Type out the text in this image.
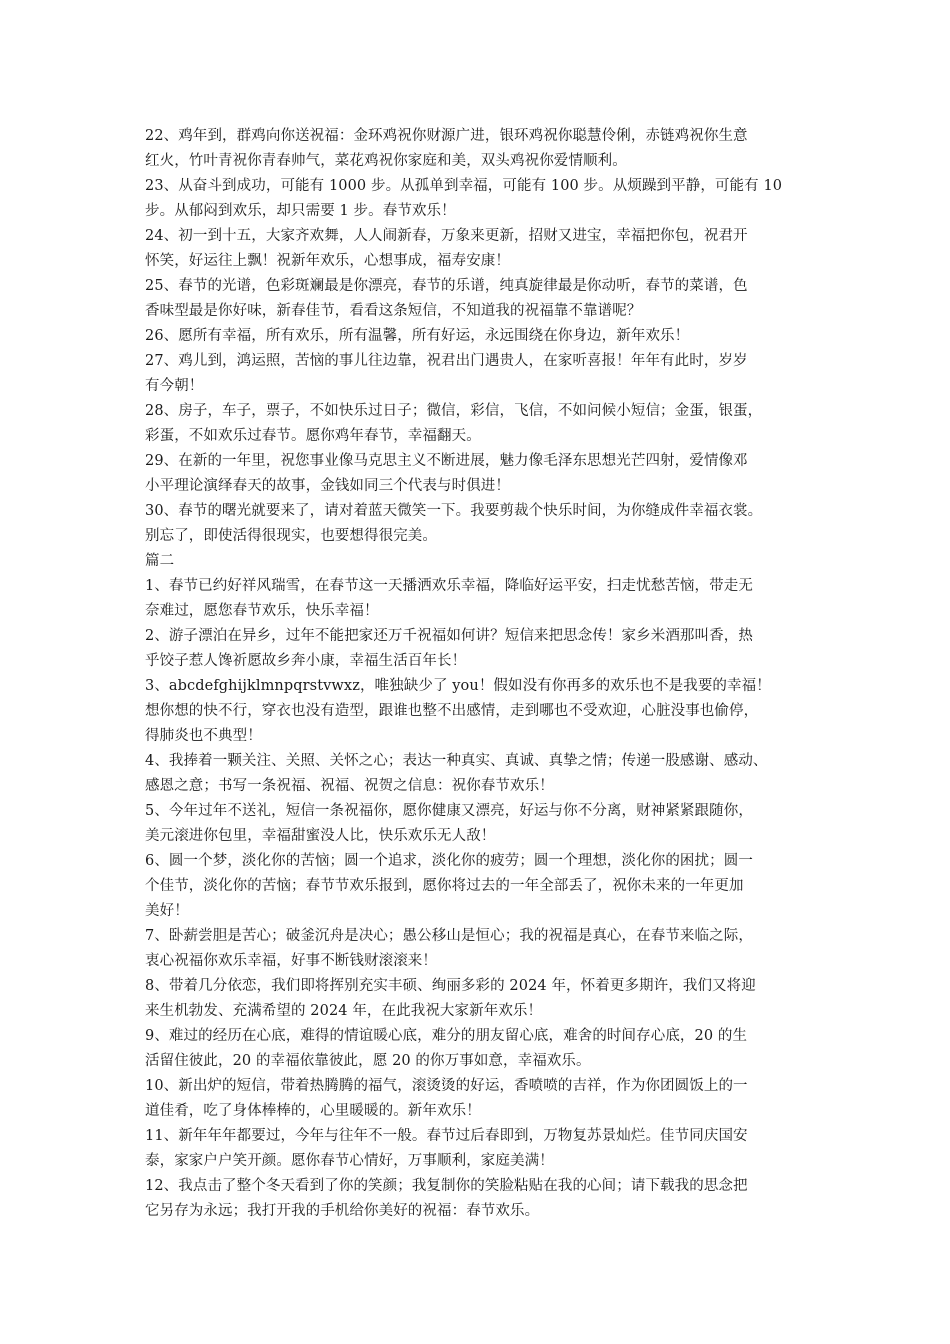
22、鸡年到，群鸡向你送祝福：金环鸡祝你财源广进，银环鸡祝你聪慧伶俐，赤链鸡祝你生意
红火，竹叶青祝你青春帅气，菜花鸡祝你家庭和美，双头鸡祝你爱情顺利。
23、从奋斗到成功，可能有 1000 步。从孤单到幸福，可能有 100 步。从烦躁到平静，可能有 10
步。从郁闷到欢乐，却只需要 1 步。春节欢乐！
24、初一到十五，大家齐欢舞，人人闹新春，万象来更新，招财又进宝，幸福把你包，祝君开
怀笑，好运往上飘！祝新年欢乐，心想事成，福寿安康！
25、春节的光谱，色彩斑斓最是你漂亮，春节的乐谱，纯真旋律最是你动听，春节的菜谱，色
香味型最是你好味，新春佳节，看看这条短信，不知道我的祝福靠不靠谱呢？
26、愿所有幸福，所有欢乐，所有温馨，所有好运，永远围绕在你身边，新年欢乐！
27、鸡儿到，鸿运照，苦恼的事儿往边靠，祝君出门遇贵人，在家听喜报！年年有此时，岁岁
有今朝！
28、房子，车子，票子，不如快乐过日子；微信，彩信，飞信，不如问候小短信；金蛋，银蛋，
彩蛋，不如欢乐过春节。愿你鸡年春节，幸福翻天。
29、在新的一年里，祝您事业像马克思主义不断进展，魅力像毛泽东思想光芒四射，爱情像邓
小平理论演绎春天的故事，金钱如同三个代表与时俱进！
30、春节的曙光就要来了，请对着蓝天微笑一下。我要剪裁个快乐时间，为你缝成件幸福衣裳。
别忘了，即使活得很现实，也要想得很完美。
篇二
1、春节已约好祥风瑞雪，在春节这一天播洒欢乐幸福，降临好运平安，扫走忧愁苦恼，带走无
奈难过，愿您春节欢乐，快乐幸福！
2、游子漂泊在异乡，过年不能把家还万千祝福如何讲？短信来把思念传！家乡米酒那叫香，热
乎饺子惹人馋祈愿故乡奔小康，幸福生活百年长！
3、abcdefghijklmnpqrstvwxz，唯独缺少了 you！假如没有你再多的欢乐也不是我要的幸福！
想你想的快不行，穿衣也没有造型，跟谁也整不出感情，走到哪也不受欢迎，心脏没事也偷停，
得肺炎也不典型！
4、我捧着一颗关注、关照、关怀之心；表达一种真实、真诚、真挚之情；传递一股感谢、感动、
感恩之意；书写一条祝福、祝福、祝贺之信息：祝你春节欢乐！
5、今年过年不送礼，短信一条祝福你，愿你健康又漂亮，好运与你不分离，财神紧紧跟随你，
美元滚进你包里，幸福甜蜜没人比，快乐欢乐无人敌！
6、圆一个梦，淡化你的苦恼；圆一个追求，淡化你的疲劳；圆一个理想，淡化你的困扰；圆一
个佳节，淡化你的苦恼；春节节欢乐报到，愿你将过去的一年全部丢了，祝你未来的一年更加
美好！
7、卧薪尝胆是苦心；破釜沉舟是决心；愚公移山是恒心；我的祝福是真心，在春节来临之际，
衷心祝福你欢乐幸福，好事不断钱财滚滚来！
8、带着几分依恋，我们即将挥别充实丰硕、绚丽多彩的 2024 年，怀着更多期许，我们又将迎
来生机勃发、充满希望的 2024 年，在此我祝大家新年欢乐！
9、难过的经历在心底，难得的情谊暖心底，难分的朋友留心底，难舍的时间存心底，20 的生
活留住彼此，20 的幸福依靠彼此，愿 20 的你万事如意，幸福欢乐。
10、新出炉的短信，带着热腾腾的福气，滚烫烫的好运，香喷喷的吉祥，作为你团圆饭上的一
道佳肴，吃了身体棒棒的，心里暖暖的。新年欢乐！
11、新年年年都要过，今年与往年不一般。春节过后春即到，万物复苏景灿烂。佳节同庆国安
泰，家家户户笑开颜。愿你春节心情好，万事顺利，家庭美满！
12、我点击了整个冬天看到了你的笑颜；我复制你的笑脸粘贴在我的心间；请下载我的思念把
它另存为永远；我打开我的手机给你美好的祝福：春节欢乐。
